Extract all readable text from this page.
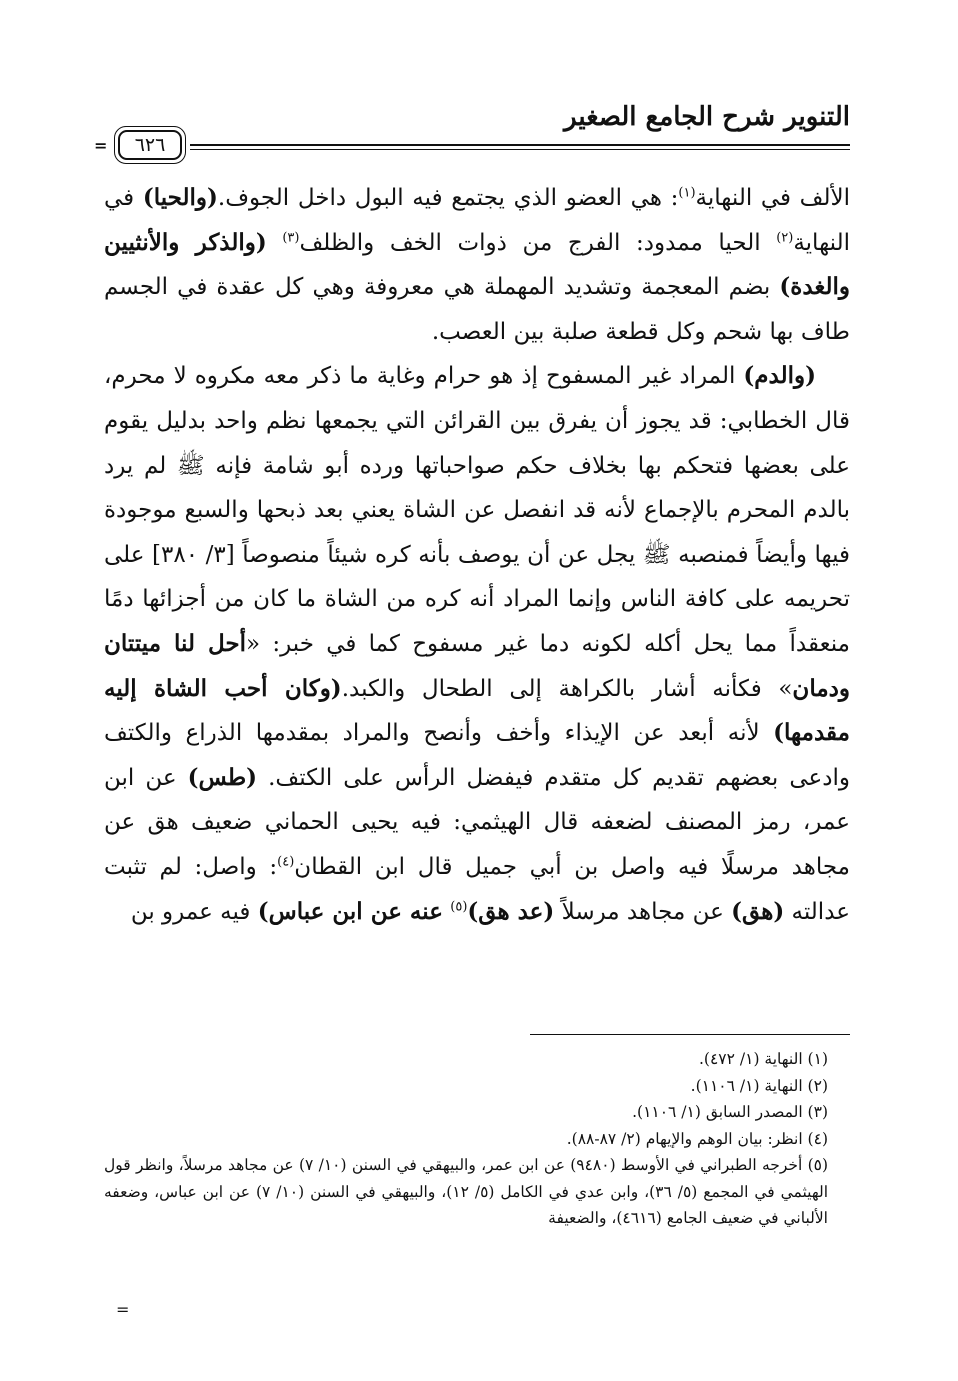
التنوير شرح الجامع الصغير
٦٢٦
=

الألف في النهاية$^{(١)}$: هي العضو الذي يجتمع فيه البول داخل الجوف.(والحيا) في النهاية$^{(٢)}$ الحيا ممدود: الفرج من ذوات الخف والظلف$^{(٣)}$ (والذكر والأنثيين والغدة) بضم المعجمة وتشديد المهملة هي معروفة وهي كل عقدة في الجسم طاف بها شحم وكل قطعة صلبة بين العصب.

(والدم) المراد غير المسفوح إذ هو حرام وغاية ما ذكر معه مكروه لا محرم، قال الخطابي: قد يجوز أن يفرق بين القرائن التي يجمعها نظم واحد بدليل يقوم على بعضها فتحكم بها بخلاف حكم صواحباتها ورده أبو شامة فإنه ﷺ لم يرد بالدم المحرم بالإجماع لأنه قد انفصل عن الشاة يعني بعد ذبحها والسبع موجودة فيها وأيضاً فمنصبه ﷺ يجل عن أن يوصف بأنه كره شيئاً منصوصاً [٣/ ٣٨٠] على تحريمه على كافة الناس وإنما المراد أنه كره من الشاة ما كان من أجزائها دمًا منعقداً مما يحل أكله لكونه دما غير مسفوح كما في خبر: «أحل لنا ميتتان ودمان» فكأنه أشار بالكراهة إلى الطحال والكبد.(وكان أحب الشاة إليه مقدمها) لأنه أبعد عن الإيذاء وأخف وأنصح والمراد بمقدمها الذراع والكتف وادعى بعضهم تقديم كل متقدم فيفضل الرأس على الكتف. (طس) عن ابن عمر، رمز المصنف لضعفه قال الهيثمي: فيه يحيى الحماني ضعيف هق عن مجاهد مرسلًا فيه واصل بن أبي جميل قال ابن القطان$^{(٤)}$: واصل: لم تثبت عدالته (هق) عن مجاهد مرسلاً (عد هق)$^{(٥)}$ عنه عن ابن عباس) فيه عمرو بن

(١) النهاية (١/ ٤٧٢).

(٢) النهاية (١/ ١١٠٦).

(٣) المصدر السابق (١/ ١١٠٦).

(٤) انظر: بيان الوهم والإيهام (٢/ ٨٧-٨٨).

(٥) أخرجه الطبراني في الأوسط (٩٤٨٠) عن ابن عمر، والبيهقي في السنن (١٠/ ٧) عن مجاهد مرسلاً، وانظر قول الهيثمي في المجمع (٥/ ٣٦)، وابن عدي في الكامل (٥/ ١٢)، والبيهقي في السنن (١٠/ ٧) عن ابن عباس، وضعفه الألباني في ضعيف الجامع (٤٦١٦)، والضعيفة

=
